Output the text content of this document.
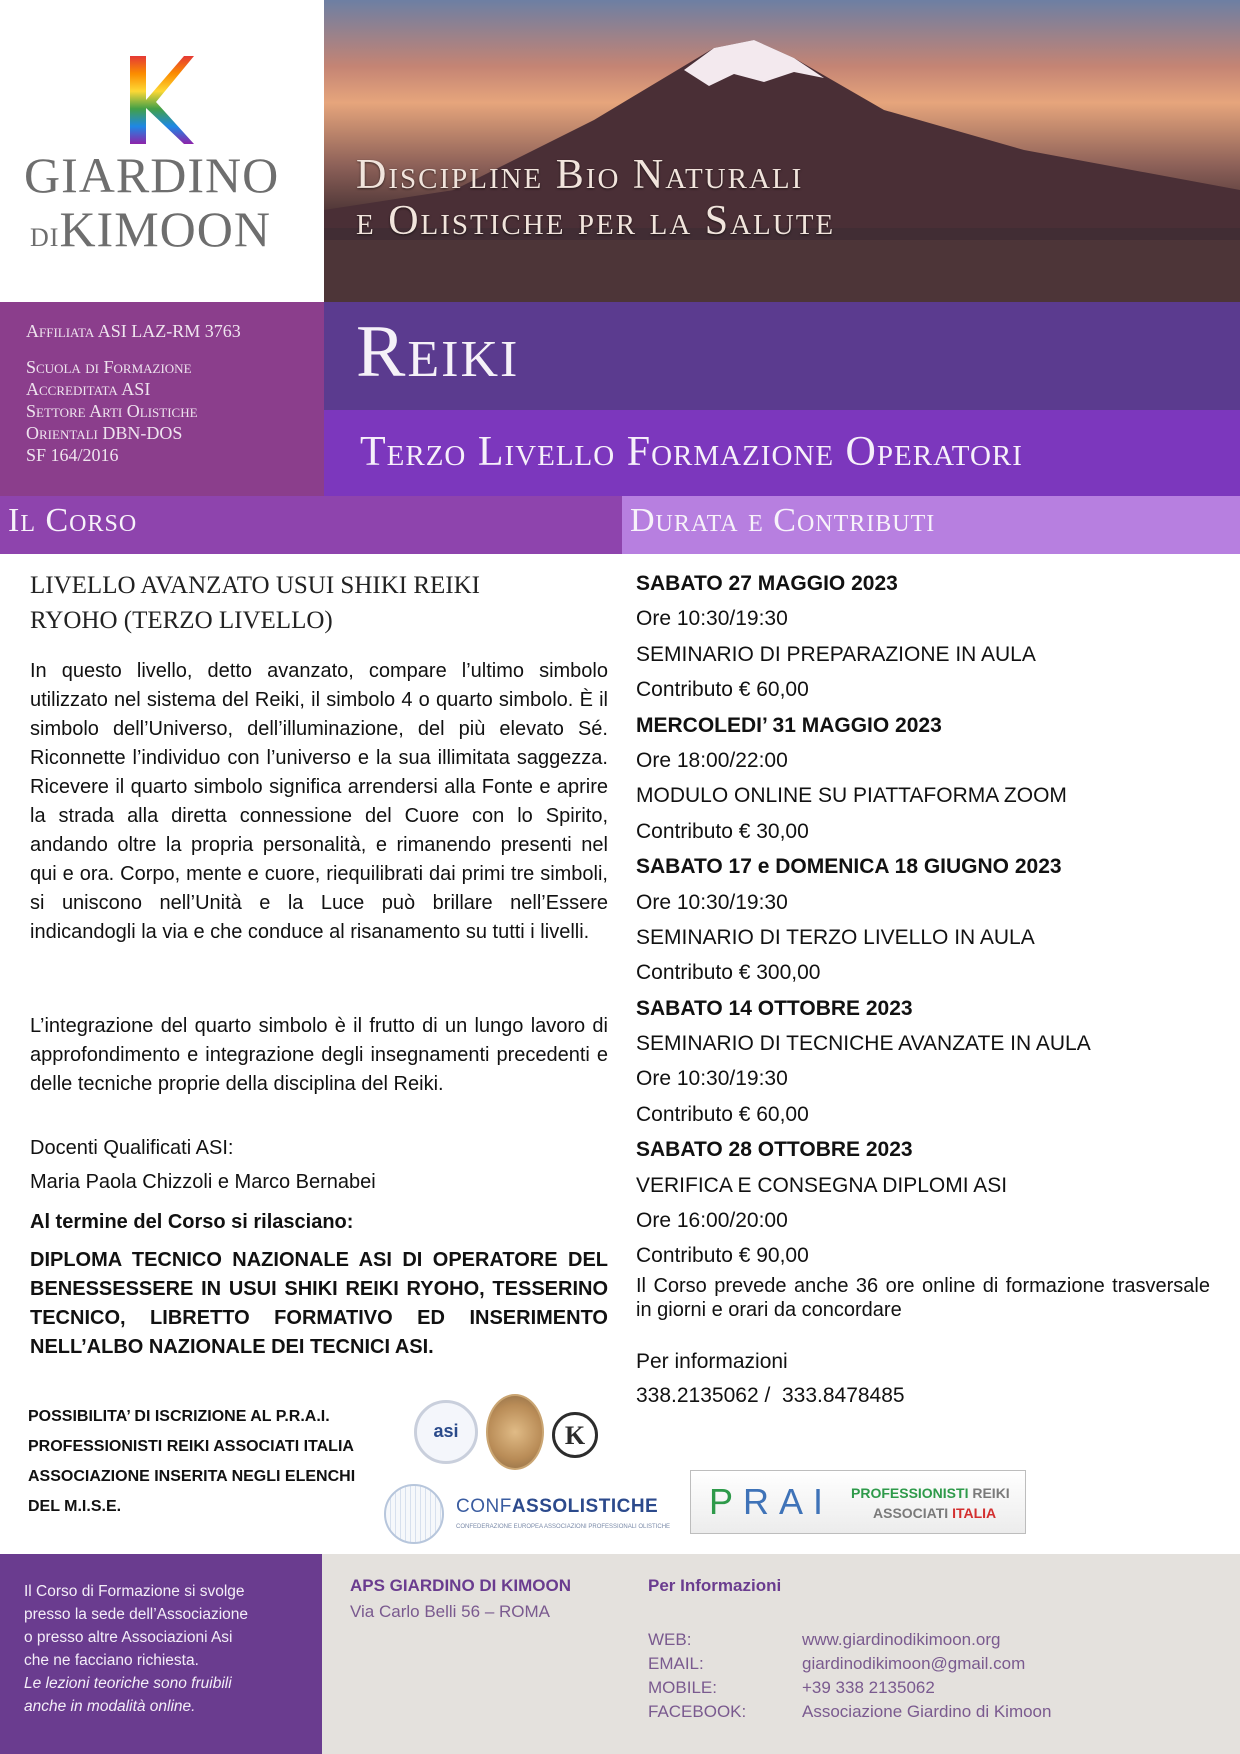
GIARDINO
DIKIMOON
Discipline Bio Naturali
e Olistiche per la Salute
Affiliata ASI LAZ-RM 3763
Scuola di Formazione
Accreditata ASI
Settore Arti Olistiche
Orientali DBN-DOS
SF 164/2016
Reiki
Terzo Livello Formazione Operatori
Il Corso	Durata e Contributi
LIVELLO AVANZATO USUI SHIKI REIKI
RYOHO (TERZO LIVELLO)
In questo livello, detto avanzato, compare l’ultimo simbolo utilizzato nel sistema del Reiki, il simbolo 4 o quarto simbolo. È il simbolo dell’Universo, dell’illuminazione, del più elevato Sé. Riconnette l’individuo con l’universo e la sua illimitata saggezza. Ricevere il quarto simbolo significa arrendersi alla Fonte e aprire la strada alla diretta connessione del Cuore con lo Spirito, andando oltre la propria personalità, e rimanendo presenti nel qui e ora. Corpo, mente e cuore, riequilibrati dai primi tre simboli, si uniscono nell’Unità e la Luce può brillare nell’Essere indicandogli la via e che conduce al risanamento su tutti i livelli.
L’integrazione del quarto simbolo è il frutto di un lungo lavoro di approfondimento e integrazione degli insegnamenti precedenti e delle tecniche proprie della disciplina del Reiki.
Docenti Qualificati ASI:
Maria Paola Chizzoli e Marco Bernabei
Al termine del Corso si rilasciano:
DIPLOMA TECNICO NAZIONALE ASI DI OPERATORE DEL BENESSESSERE IN USUI SHIKI REIKI RYOHO, TESSERINO TECNICO, LIBRETTO FORMATIVO ED INSERIMENTO NELL’ALBO NAZIONALE DEI TECNICI ASI.
POSSIBILITA’ DI ISCRIZIONE AL P.R.A.I.
PROFESSIONISTI REIKI ASSOCIATI ITALIA
ASSOCIAZIONE INSERITA NEGLI ELENCHI
DEL M.I.S.E.
SABATO 27 MAGGIO 2023
Ore 10:30/19:30
SEMINARIO DI PREPARAZIONE IN AULA
Contributo € 60,00
MERCOLEDI’ 31 MAGGIO 2023
Ore 18:00/22:00
MODULO ONLINE SU PIATTAFORMA ZOOM
Contributo € 30,00
SABATO 17 e DOMENICA 18 GIUGNO 2023
Ore 10:30/19:30
SEMINARIO DI TERZO LIVELLO IN AULA
Contributo € 300,00
SABATO 14 OTTOBRE 2023
SEMINARIO DI TECNICHE AVANZATE IN AULA
Ore 10:30/19:30
Contributo € 60,00
SABATO 28 OTTOBRE 2023
VERIFICA E CONSEGNA DIPLOMI ASI
Ore 16:00/20:00
Contributo € 90,00
Il Corso prevede anche 36 ore online di formazione trasversale in giorni e orari da concordare
Per informazioni
338.2135062 /  333.8478485
asi	K
CONFASSOLISTICHE
CONFEDERAZIONE EUROPEA ASSOCIAZIONI PROFESSIONALI OLISTICHE
PRAI PROFESSIONISTI REIKI
ASSOCIATI ITALIA
Il Corso di Formazione si svolge
presso la sede dell’Associazione
o presso altre Associazioni Asi
che ne facciano richiesta.
Le lezioni teoriche sono fruibili
anche in modalità online.
APS GIARDINO DI KIMOON
Via Carlo Belli 56 – ROMA
Per Informazioni
WEB:	www.giardinodikimoon.org
EMAIL:	giardinodikimoon@gmail.com
MOBILE:	+39 338 2135062
FACEBOOK:	Associazione Giardino di Kimoon
